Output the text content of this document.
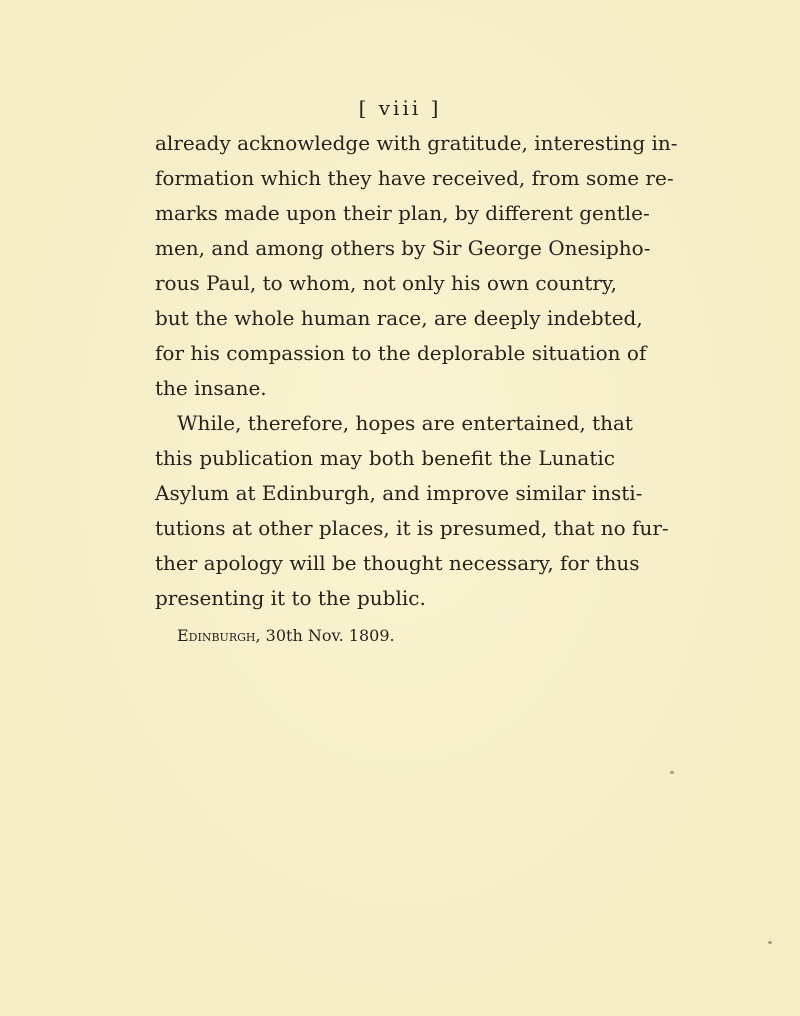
[ viii ]
already acknowledge with gratitude, interesting in-
formation which they have received, from some re-
marks made upon their plan, by different gentle-
men, and among others by Sir George Onesipho-
rous Paul, to whom, not only his own country,
but the whole human race, are deeply indebted,
for his compassion to the deplorable situation of
the insane.
While, therefore, hopes are entertained, that
this publication may both benefit the Lunatic
Asylum at Edinburgh, and improve similar insti-
tutions at other places, it is presumed, that no fur-
ther apology will be thought necessary, for thus
presenting it to the public.
Edinburgh, 30th Nov. 1809.
